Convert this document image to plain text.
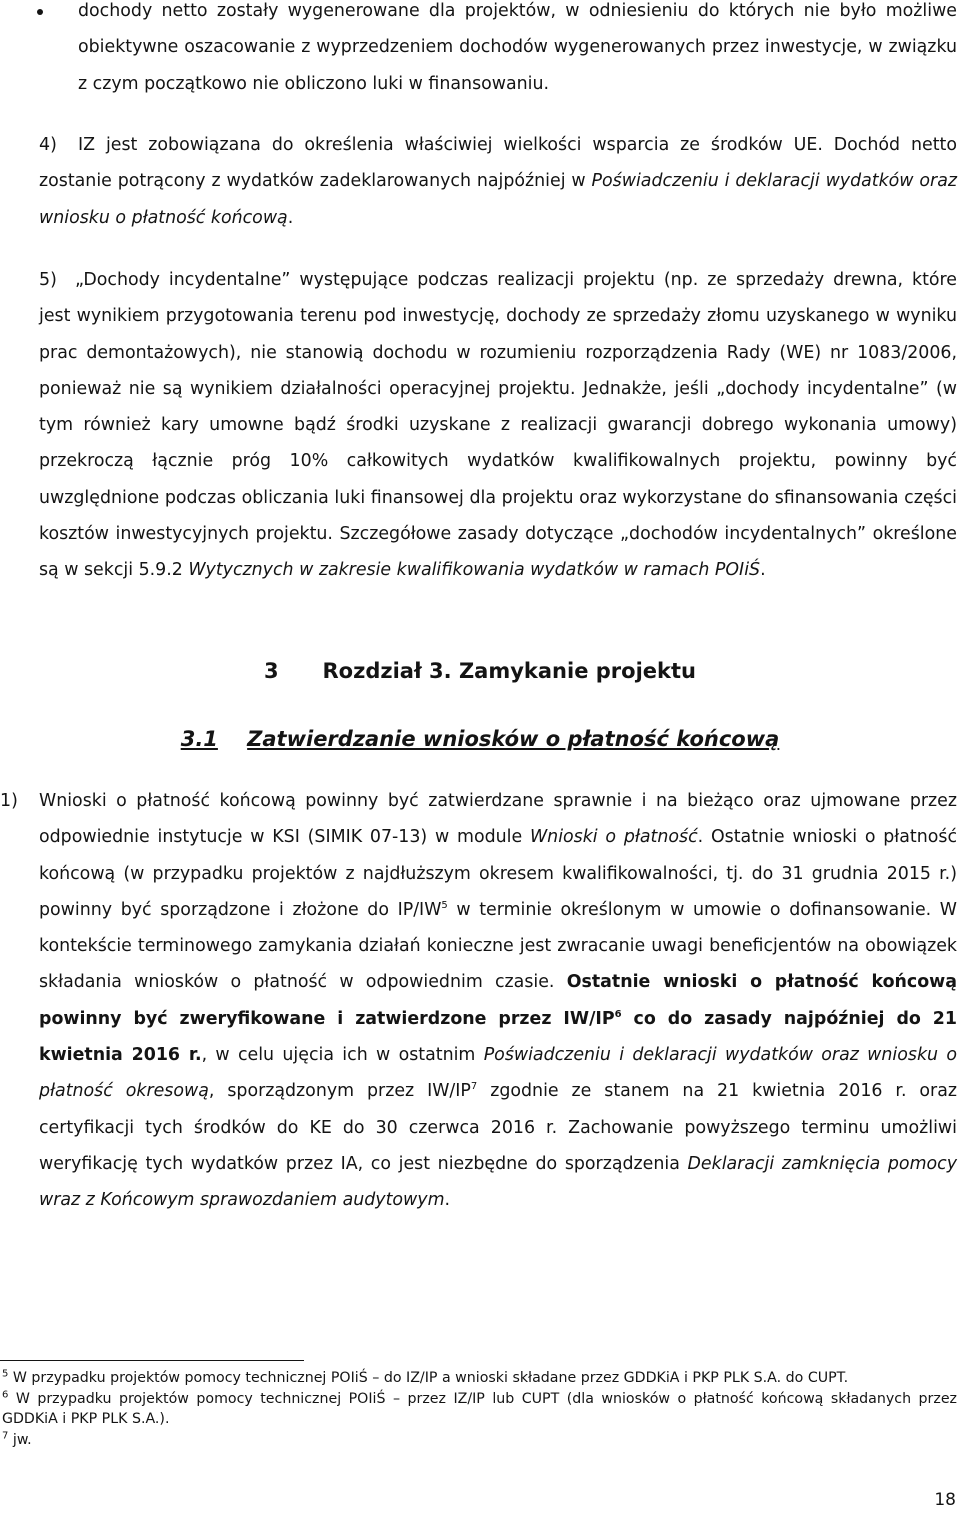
dochody netto zostały wygenerowane dla projektów, w odniesieniu do których nie było możliwe obiektywne oszacowanie z wyprzedzeniem dochodów wygenerowanych przez inwestycje, w związku z czym początkowo nie obliczono luki w finansowaniu.

4)	IZ jest zobowiązana do określenia właściwiej wielkości wsparcia ze środków UE. Dochód netto zostanie potrącony z wydatków zadeklarowanych najpóźniej w Poświadczeniu i deklaracji wydatków oraz wniosku o płatność końcową.

5)	„Dochody incydentalne” występujące podczas realizacji projektu (np. ze sprzedaży drewna, które jest wynikiem przygotowania terenu pod inwestycję, dochody ze sprzedaży złomu uzyskanego w wyniku prac demontażowych), nie stanowią dochodu w rozumieniu rozporządzenia Rady (WE) nr 1083/2006, ponieważ nie są wynikiem działalności operacyjnej projektu. Jednakże, jeśli „dochody incydentalne” (w tym również kary umowne bądź środki uzyskane z realizacji gwarancji dobrego wykonania umowy) przekroczą łącznie próg 10% całkowitych wydatków kwalifikowalnych projektu, powinny być uwzględnione podczas obliczania luki finansowej dla projektu oraz wykorzystane do sfinansowania części kosztów inwestycyjnych projektu. Szczegółowe zasady dotyczące „dochodów incydentalnych” określone są w sekcji 5.9.2 Wytycznych w zakresie kwalifikowania wydatków w ramach POIiŚ.

3      Rozdział 3. Zamykanie projektu
3.1 Zatwierdzanie wniosków o płatność końcową
1) Wnioski o płatność końcową powinny być zatwierdzane sprawnie i na bieżąco oraz ujmowane przez odpowiednie instytucje w KSI (SIMIK 07-13) w module Wnioski o płatność. Ostatnie wnioski o płatność końcową (w przypadku projektów z najdłuższym okresem kwalifikowalności, tj. do 31 grudnia 2015 r.) powinny być sporządzone i złożone do $IP/IW^5$ w terminie określonym w umowie o dofinansowanie. W kontekście terminowego zamykania działań konieczne jest zwracanie uwagi beneficjentów na obowiązek składania wniosków o płatność w odpowiednim czasie. Ostatnie wnioski o płatność końcową powinny być zweryfikowane i zatwierdzone przez $IW/IP^6$ co do zasady najpóźniej do 21 kwietnia 2016 r., w celu ujęcia ich w ostatnim Poświadczeniu i deklaracji wydatków oraz wniosku o płatność okresową, sporządzonym przez $IW/IP^7$ zgodnie ze stanem na 21 kwietnia 2016 r. oraz certyfikacji tych środków do KE do 30 czerwca 2016 r. Zachowanie powyższego terminu umożliwi weryfikację tych wydatków przez IA, co jest niezbędne do sporządzenia Deklaracji zamknięcia pomocy wraz z Końcowym sprawozdaniem audytowym.

$^5$ W przypadku projektów pomocy technicznej POIiŚ – do IZ/IP a wnioski składane przez GDDKiA i PKP PLK S.A. do CUPT.

$^6$ W przypadku projektów pomocy technicznej POIiŚ – przez IZ/IP lub CUPT (dla wniosków o płatność końcową składanych przez GDDKiA i PKP PLK S.A.).

$^7$ jw.

18
